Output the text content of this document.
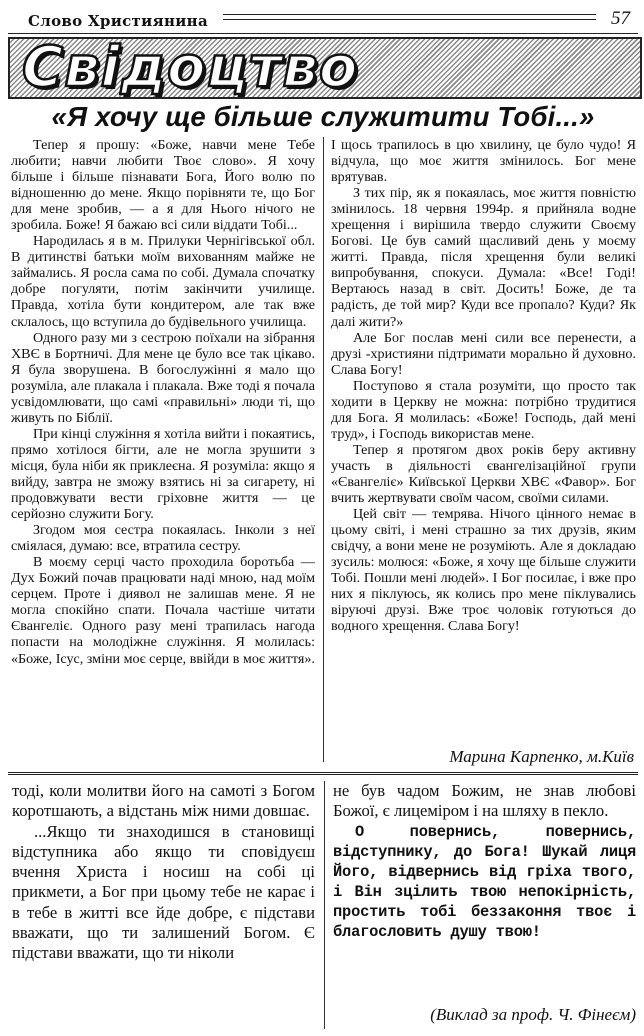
Слово Християнина	57
Свідоцтво
«Я хочу ще більше служитити Тобі...»

Тепер я прошу: «Боже, навчи мене Тебе любити; навчи любити Твоє слово». Я хочу більше і більше пізнавати Бога, Його волю по відношенню до мене. Якщо порівняти те, що Бог для мене зробив, — а я для Нього нічого не зробила. Боже! Я бажаю всі сили віддати Тобі...

Народилась я в м. Прилуки Чернігівської обл. В дитинстві батьки моїм вихованням майже не займались. Я росла сама по собі. Думала спочатку добре погуляти, потім закінчити училище. Правда, хотіла бути кондитером, але так вже склалось, що вступила до будівельного училища.

Одного разу ми з сестрою поїхали на зібрання ХВЄ в Бортничі. Для мене це було все так цікаво. Я була зворушена. В богослужінні я мало що розуміла, але плакала і плакала. Вже тоді я почала усвідомлювати, що самі «правильні» люди ті, що живуть по Біблії.

При кінці служіння я хотіла вийти і покаятись, прямо хотілося бігти, але не могла зрушити з місця, була ніби як приклеєна. Я розуміла: якщо я вийду, завтра не зможу взятись ні за сигарету, ні продовжувати вести гріховне життя — це серйозно служити Богу.

Згодом моя сестра покаялась. Інколи з неї сміялася, думаю: все, втратила сестру.

В моєму серці часто проходила боротьба — Дух Божий почав працювати наді мною, над моїм серцем. Проте і диявол не залишав мене. Я не могла спокійно спати. Почала частіше читати Євангеліє. Одного разу мені трапилась нагода попасти на молодіжне служіння. Я молилась: «Боже, Ісус, зміни моє серце, ввійди в моє життя».

І щось трапилось в цю хвилину, це було чудо! Я відчула, що моє життя змінилось. Бог мене врятував.

З тих пір, як я покаялась, моє життя повністю змінилось. 18 червня 1994р. я прийняла водне хрещення і вирішила твердо служити Своєму Богові. Це був самий щасливий день у моєму житті. Правда, після хрещення були великі випробування, спокуси. Думала: «Все! Годі! Вертаюсь назад в світ. Досить! Боже, де та радість, де той мир? Куди все пропало? Куди? Як далі жити?»

Але Бог послав мені сили все перенести, а друзі -християни підтримати морально й духовно. Слава Богу!

Поступово я стала розуміти, що просто так ходити в Церкву не можна: потрібно трудитися для Бога. Я молилась: «Боже! Господь, дай мені труд», і Господь використав мене.

Тепер я протягом двох років беру активну участь в діяльності євангелізаційної групи «Євангеліє» Київської Церкви ХВЄ «Фавор». Бог вчить жертвувати своїм часом, своїми силами.

Цей світ — темрява. Нічого цінного немає в цьому світі, і мені страшно за тих друзів, яким свідчу, а вони мене не розуміють. Але я докладаю зусиль: молюся: «Боже, я хочу ще більше служити Тобі. Пошли мені людей». І Бог посилає, і вже про них я піклуюсь, як колись про мене піклувались віруючі друзі. Вже троє чоловік готуються до водного хрещення. Слава Богу!

Марина Карпенко, м.Київ

тоді, коли молитви його на самоті з Богом коротшають, а відстань між ними довшає.

...Якщо ти знаходишся в становищі відступника або якщо ти сповідуєш вчення Христа і носиш на собі ці прикмети, а Бог при цьому тебе не карає і в тебе в житті все йде добре, є підстави вважати, що ти залишений Богом. Є підстави вважати, що ти ніколи

не був чадом Божим, не знав любові Божої, є лицеміром і на шляху в пекло.

О повернись, повернись, відступнику, до Бога! Шукай лиця Його, відвернись від гріха твого, і Він зцілить твою непокірність, простить тобі беззаконня твоє і благословить душу твою!

(Виклад за проф. Ч. Фінеєм)
